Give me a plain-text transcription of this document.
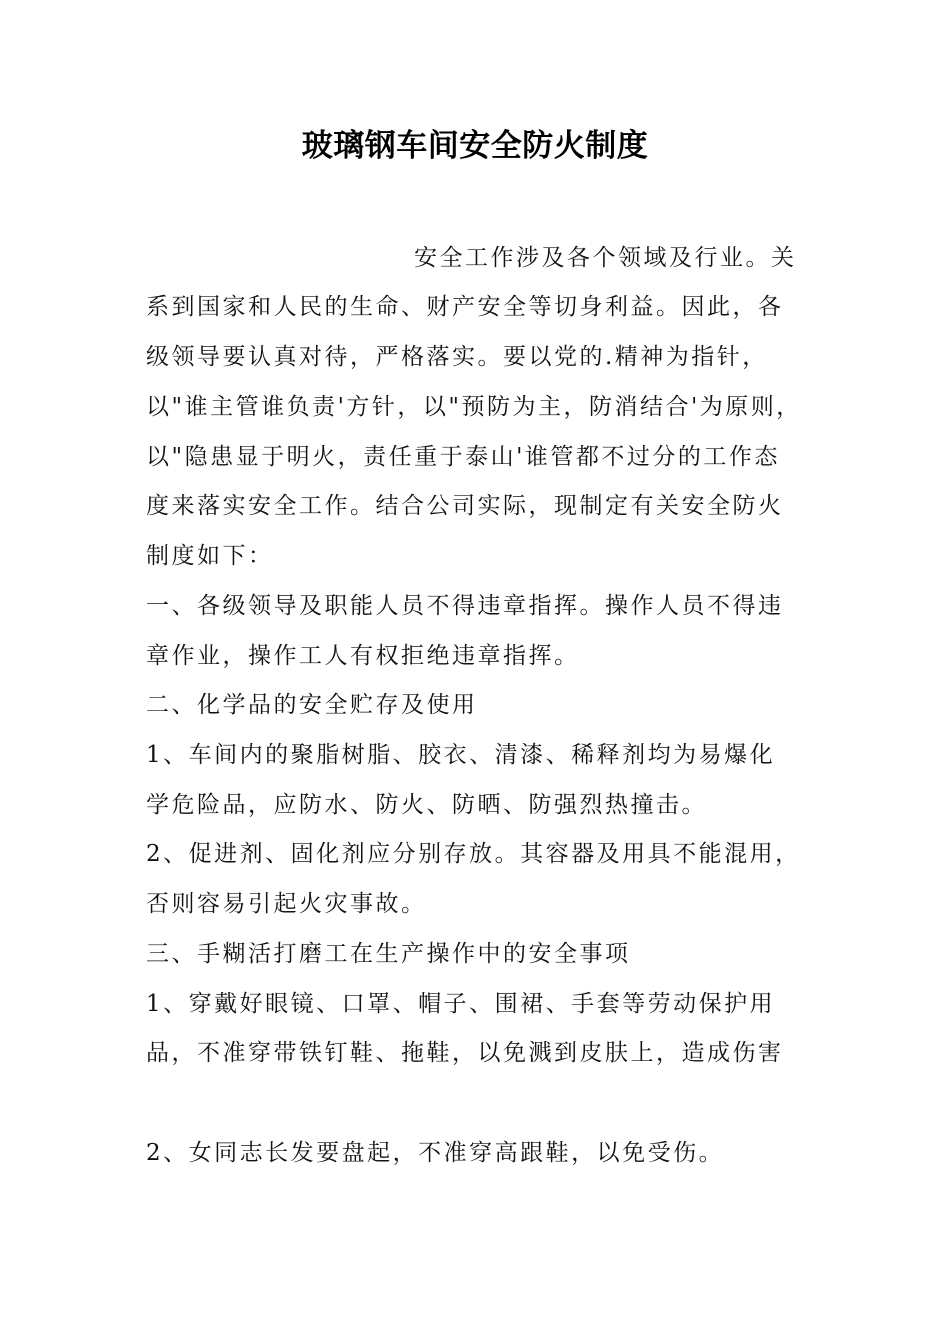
玻璃钢车间安全防火制度
安全工作涉及各个领域及行业。关
系到国家和人民的生命、财产安全等切身利益。因此，各
级领导要认真对待，严格落实。要以党的.精神为指针，
以"谁主管谁负责'方针，以"预防为主，防消结合'为原则，
以"隐患显于明火，责任重于泰山'谁管都不过分的工作态
度来落实安全工作。结合公司实际，现制定有关安全防火
制度如下：
一、各级领导及职能人员不得违章指挥。操作人员不得违
章作业，操作工人有权拒绝违章指挥。
二、化学品的安全贮存及使用
1、车间内的聚脂树脂、胶衣、清漆、稀释剂均为易爆化
学危险品，应防水、防火、防晒、防强烈热撞击。
2、促进剂、固化剂应分别存放。其容器及用具不能混用，
否则容易引起火灾事故。
三、手糊活打磨工在生产操作中的安全事项
1、穿戴好眼镜、口罩、帽子、围裙、手套等劳动保护用
品，不准穿带铁钉鞋、拖鞋，以免溅到皮肤上，造成伤害
2、女同志长发要盘起，不准穿高跟鞋，以免受伤。
